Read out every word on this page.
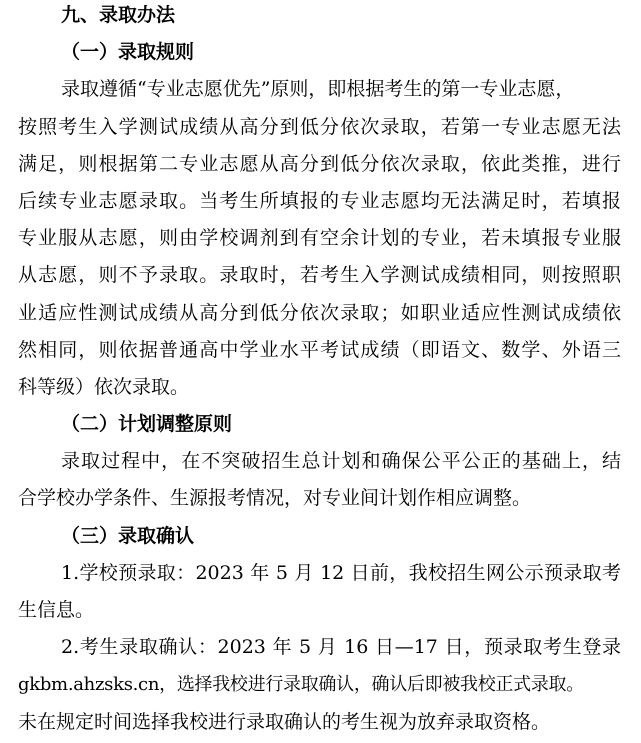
九、录取办法
（一）录取规则
录取遵循“专业志愿优先”原则，即根据考生的第一专业志愿，
按照考生入学测试成绩从高分到低分依次录取，若第一专业志愿无法
满足，则根据第二专业志愿从高分到低分依次录取，依此类推，进行
后续专业志愿录取。当考生所填报的专业志愿均无法满足时，若填报
专业服从志愿，则由学校调剂到有空余计划的专业，若未填报专业服
从志愿，则不予录取。录取时，若考生入学测试成绩相同，则按照职
业适应性测试成绩从高分到低分依次录取；如职业适应性测试成绩依
然相同，则依据普通高中学业水平考试成绩（即语文、数学、外语三
科等级）依次录取。
（二）计划调整原则
录取过程中，在不突破招生总计划和确保公平公正的基础上，结
合学校办学条件、生源报考情况，对专业间计划作相应调整。
（三）录取确认
1.学校预录取：2023 年 5 月 12 日前，我校招生网公示预录取考
生信息。
2.考生录取确认：2023 年 5 月 16 日—17 日，预录取考生登录
gkbm.ahzsks.cn，选择我校进行录取确认，确认后即被我校正式录取。
未在规定时间选择我校进行录取确认的考生视为放弃录取资格。
